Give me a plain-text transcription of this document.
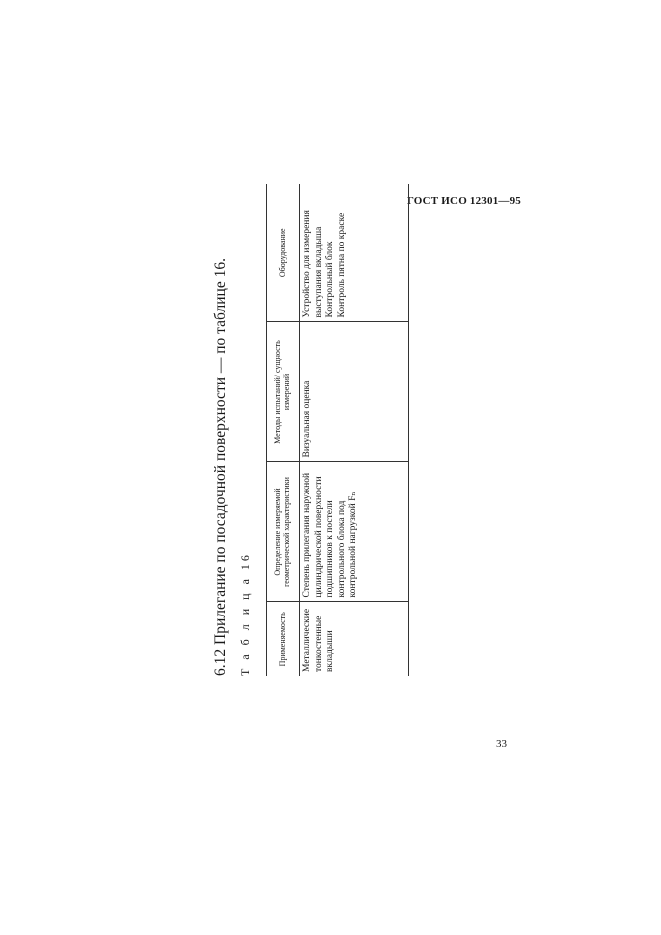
ГОСТ ИСО 12301—95
6.12 Прилегание по посадочной поверхности — по таблице 16. Т а б л и ц а 16	Применяемость	Определение измеряемой геометрической характеристики	Методы испытаний/ сущность измерений	Оборудование
Металлические тонкостенные вкладыши	Степень прилегания наружной цилиндрической поверхности подшипников к постели контрольного блока под контрольной нагрузкой Fₙ	Визуальная оценка	Устройство для измерения выступания вкладыша Контрольный блок Контроль пятна по краске
33
